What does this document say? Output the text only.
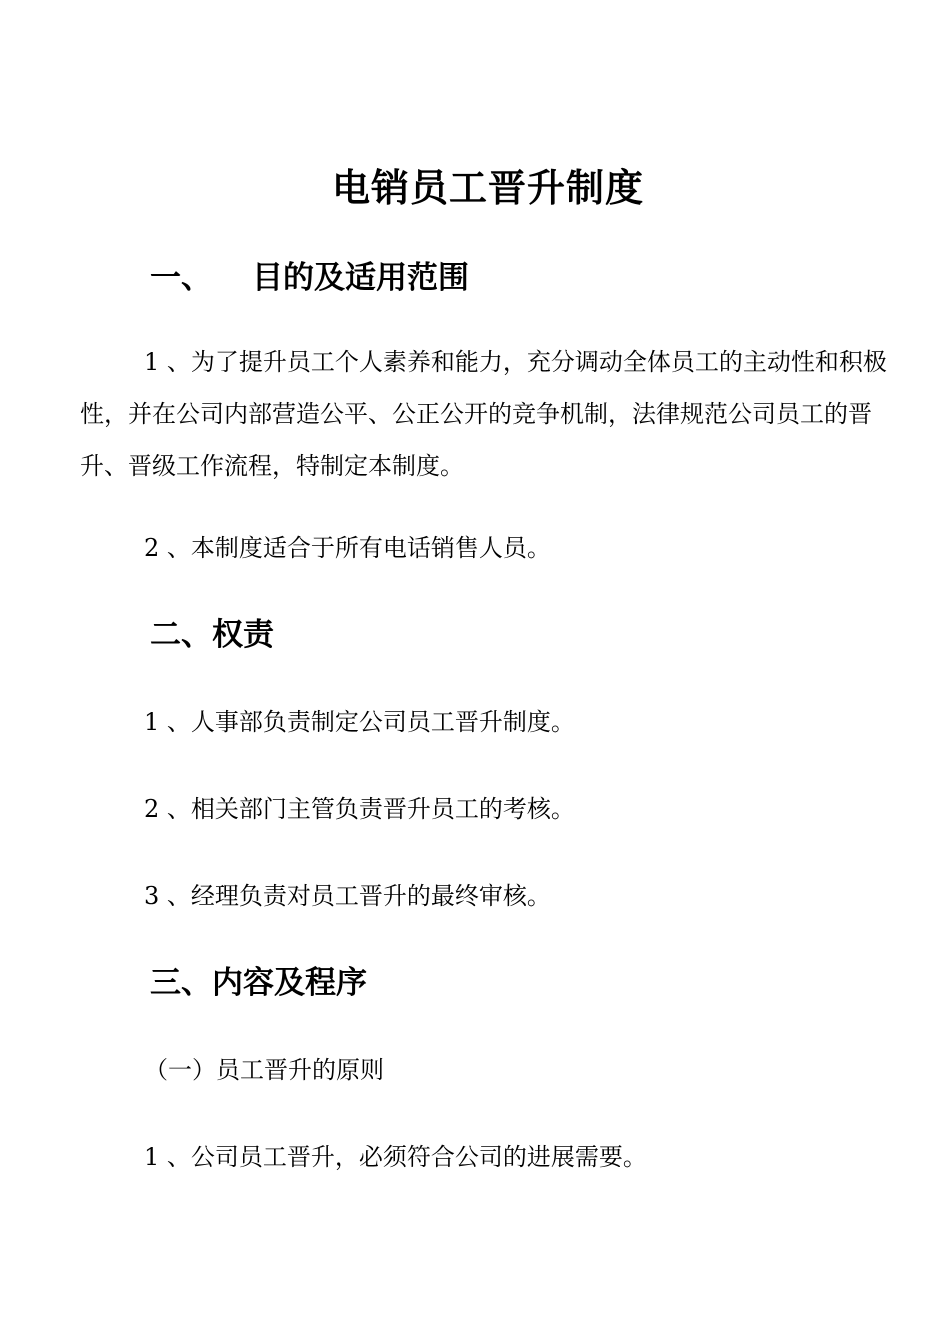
电销员工晋升制度
一、 目的及适用范围

1 、为了提升员工个人素养和能力，充分调动全体员工的主动性和积极性，并在公司内部营造公平、公正公开的竞争机制，法律规范公司员工的晋升、晋级工作流程，特制定本制度。

2 、本制度适合于所有电话销售人员。

二、权责

1 、人事部负责制定公司员工晋升制度。

2 、相关部门主管负责晋升员工的考核。

3 、经理负责对员工晋升的最终审核。

三、内容及程序

（一）员工晋升的原则

1 、公司员工晋升，必须符合公司的进展需要。
